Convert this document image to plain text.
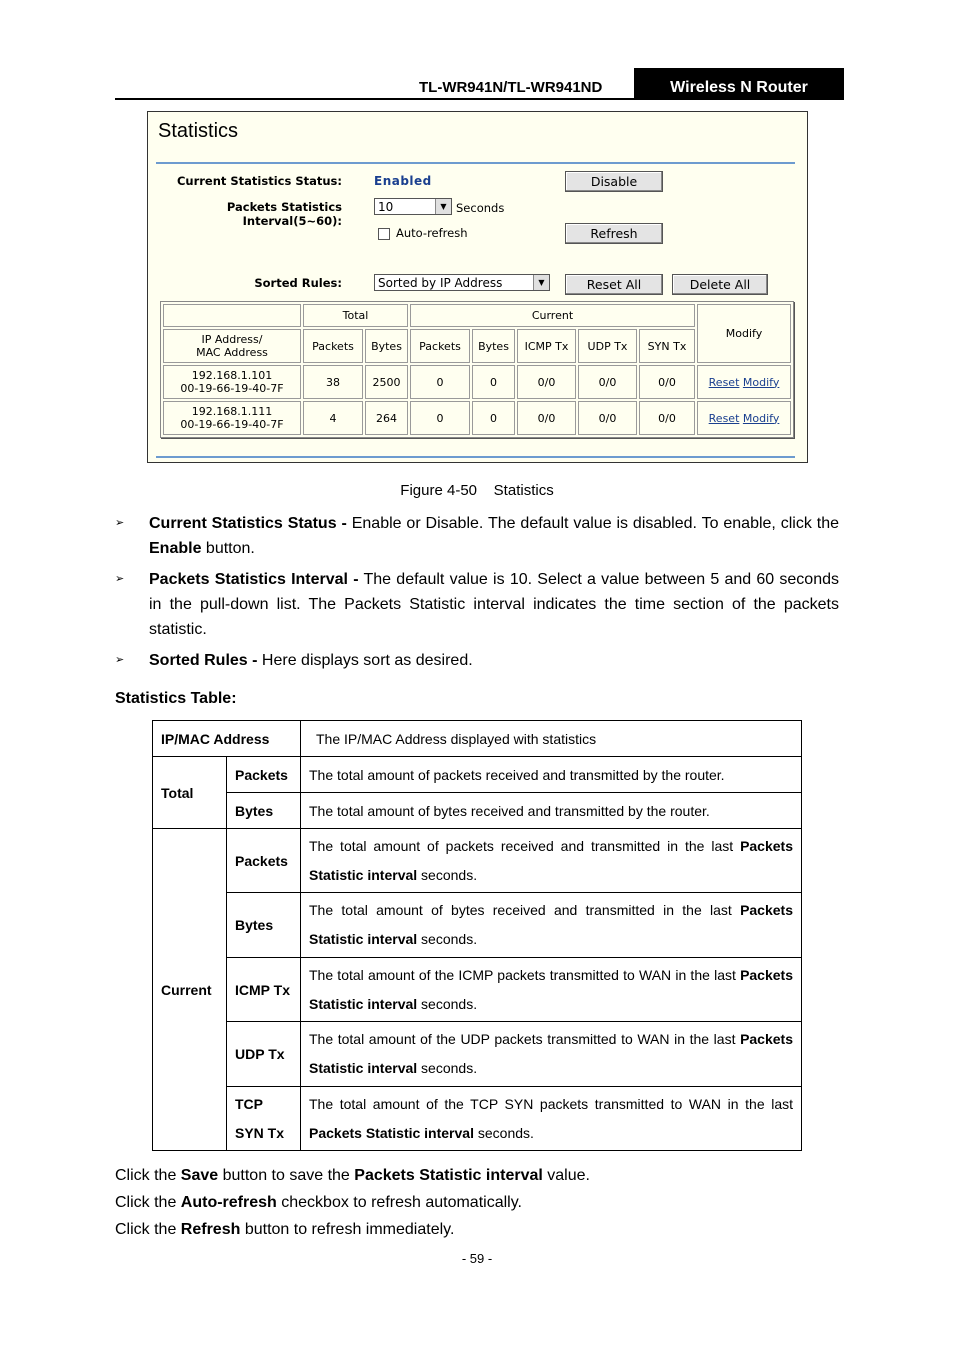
TL-WR941N/TL-WR941ND	Wireless N Router
Statistics
Current Statistics Status:	Enabled	Disable
Packets Statistics Interval(5~60):
10	▼ Seconds
Auto-refresh	Refresh
Sorted Rules:	Sorted by IP Address	▼	Reset All	Delete All
	Total		Current					Modify
IP Address/
MAC Address	Packets	Bytes	Packets	Bytes	ICMP Tx	UDP Tx	SYN Tx	
192.168.1.101
00-19-66-19-40-7F	38	2500	0	0	0/0	0/0	0/0	Reset Modify
192.168.1.111
00-19-66-19-40-7F	4	264	0	0	0/0	0/0	0/0	Reset Modify
Figure 4-50    Statistics
➢ Current Statistics Status - Enable or Disable. The default value is disabled. To enable, click the Enable button.
➢ Packets Statistics Interval - The default value is 10. Select a value between 5 and 60 seconds in the pull-down list. The Packets Statistic interval indicates the time section of the packets statistic.
➢ Sorted Rules - Here displays sort as desired.
Statistics Table:
IP/MAC Address		The IP/MAC Address displayed with statistics
Total	Packets	The total amount of packets received and transmitted by the router.
	Bytes	The total amount of bytes received and transmitted by the router.
Current	Packets	The total amount of packets received and transmitted in the last Packets Statistic interval seconds.
	Bytes	The total amount of bytes received and transmitted in the last Packets Statistic interval seconds.
	ICMP Tx	The total amount of the ICMP packets transmitted to WAN in the last Packets Statistic interval seconds.
	UDP Tx	The total amount of the UDP packets transmitted to WAN in the last Packets Statistic interval seconds.
	TCP
SYN Tx	The total amount of the TCP SYN packets transmitted to WAN in the last Packets Statistic interval seconds.
Click the Save button to save the Packets Statistic interval value.
Click the Auto-refresh checkbox to refresh automatically.
Click the Refresh button to refresh immediately.
- 59 -
